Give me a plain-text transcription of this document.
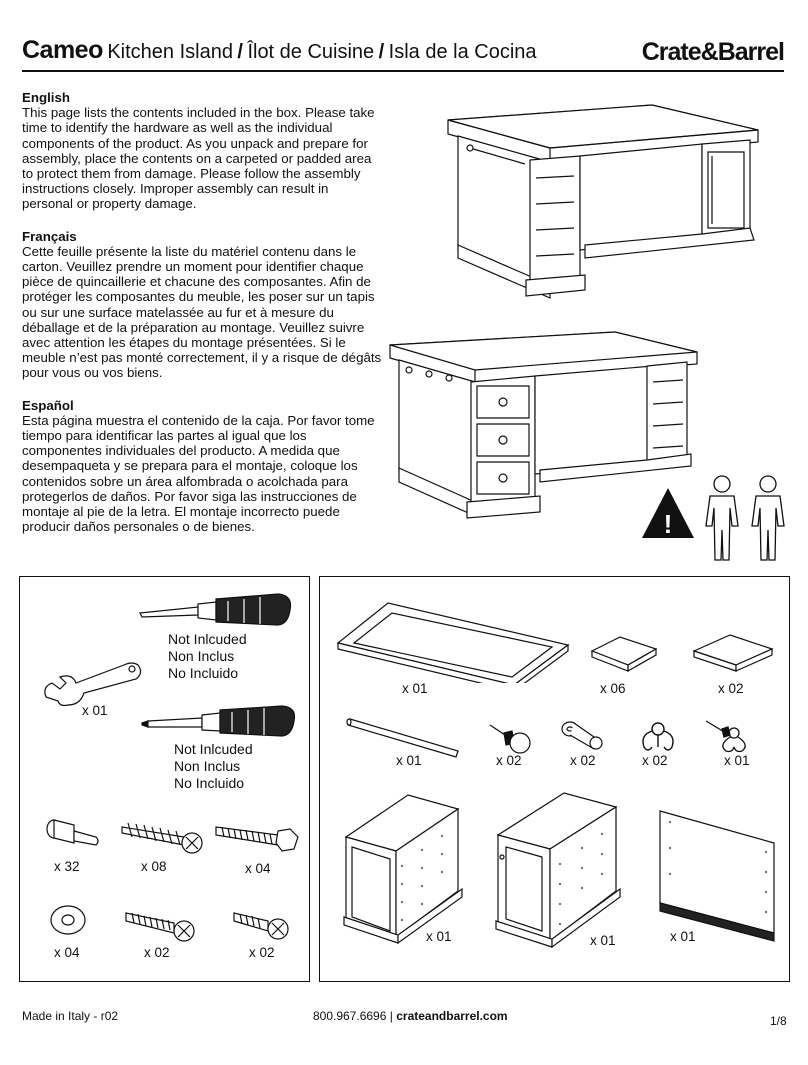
Cameo Kitchen Island / Îlot de Cuisine / Isla de la Cocina	Crate&Barrel
English

This page lists the contents included in the box. Please take time to identify the hardware as well as the individual components of the product. As you unpack and prepare for assembly, place the contents on a carpeted or padded area to protect them from damage. Please follow the assembly instructions closely. Improper assembly can result in personal or property damage.

Français

Cette feuille présente la liste du matériel contenu dans le carton. Veuillez prendre un moment pour identifier chaque pièce de quincaillerie et chacune des composantes. Afin de protéger les composantes du meuble, les poser sur un tapis ou sur une surface matelassée au fur et à mesure du déballage et de la préparation au montage. Veuillez suivre avec attention les étapes du montage présentées. Si le meuble n’est pas monté correctement, il y a risque de dégâts pour vous ou vos biens.

Español

Esta página muestra el contenido de la caja. Por favor tome tiempo para identificar las partes al igual que los componentes individuales del producto. A medida que desempaqueta y se prepara para el montaje, coloque los contenidos sobre un área alfombrada o acolchada para protegerlos de daños. Por favor siga las instrucciones de montaje al pie de la letra. El montaje incorrecto puede producir daños personales o de bienes.	!
Not Inlcuded
Non Inclus
No Incluido
x 01
Not Inlcuded
Non Inclus
No Incluido
x 32	x 08	x 04
x 04	x 02	x 02
x 01	x 06	x 02
x 01	x 02	x 02	x 02	x 01
x 01	x 01	x 01
Made in Italy - r02	800.967.6696 | crateandbarrel.com	1/8
